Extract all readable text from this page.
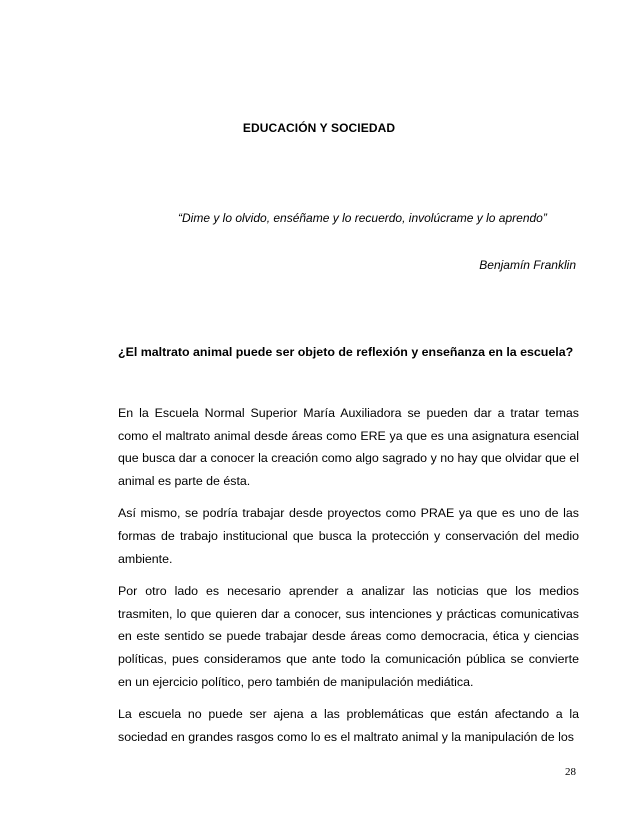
EDUCACIÓN Y SOCIEDAD
“Dime y lo olvido, enséñame y lo recuerdo, involúcrame y lo aprendo”
Benjamín Franklin
¿El maltrato animal puede ser objeto de reflexión y enseñanza en la escuela?

En la Escuela Normal Superior María Auxiliadora se pueden dar a tratar temas como el maltrato animal desde áreas como ERE ya que es una asignatura esencial que busca dar a conocer la creación como algo sagrado y no hay que olvidar que el animal es parte de ésta.

Así mismo, se podría trabajar desde proyectos como PRAE ya que es uno de las formas de trabajo institucional que busca la protección y conservación del medio ambiente.

Por otro lado es necesario aprender a analizar las noticias que los medios trasmiten, lo que quieren dar a conocer, sus intenciones y prácticas comunicativas en este sentido se puede trabajar desde áreas como democracia, ética y ciencias políticas, pues consideramos que ante todo la comunicación pública se convierte en un ejercicio político, pero también de manipulación mediática.

La escuela no puede ser ajena a las problemáticas que están afectando a la sociedad en grandes rasgos como lo es el maltrato animal y la manipulación de los

28
